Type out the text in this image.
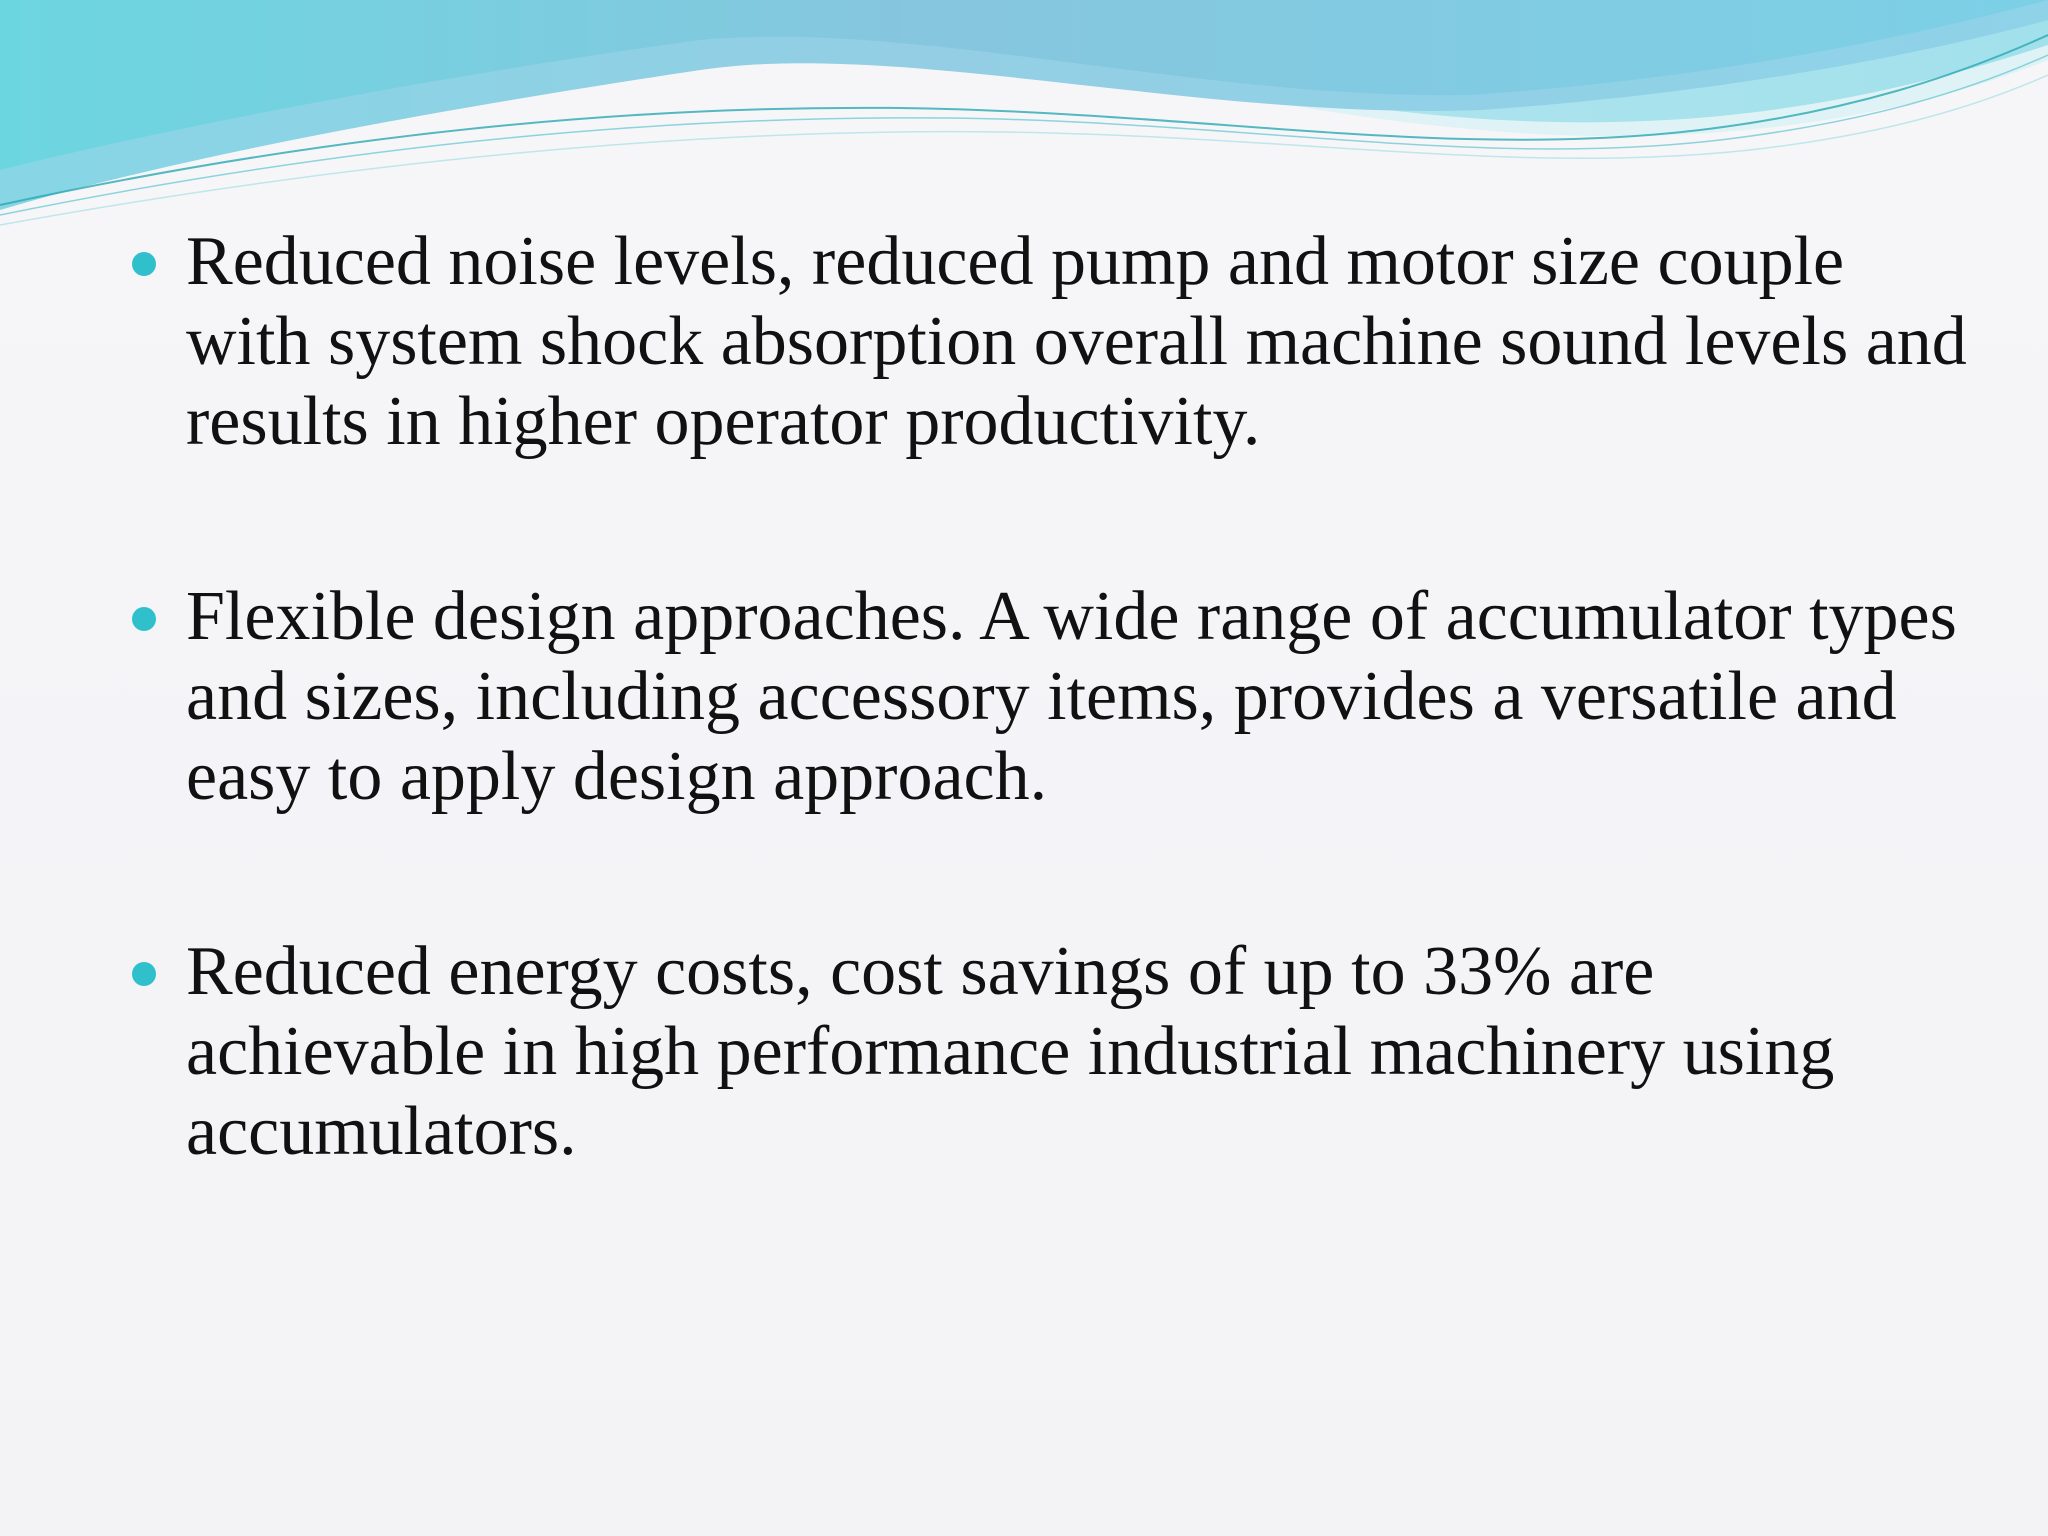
Reduced noise levels, reduced pump and motor size couple with system shock absorption overall machine sound levels and results in higher operator productivity.
Flexible design approaches. A wide range of accumulator types and sizes, including accessory items, provides a versatile and easy to apply design approach.
Reduced energy costs, cost savings of up to 33% are achievable in high performance industrial machinery using accumulators.
